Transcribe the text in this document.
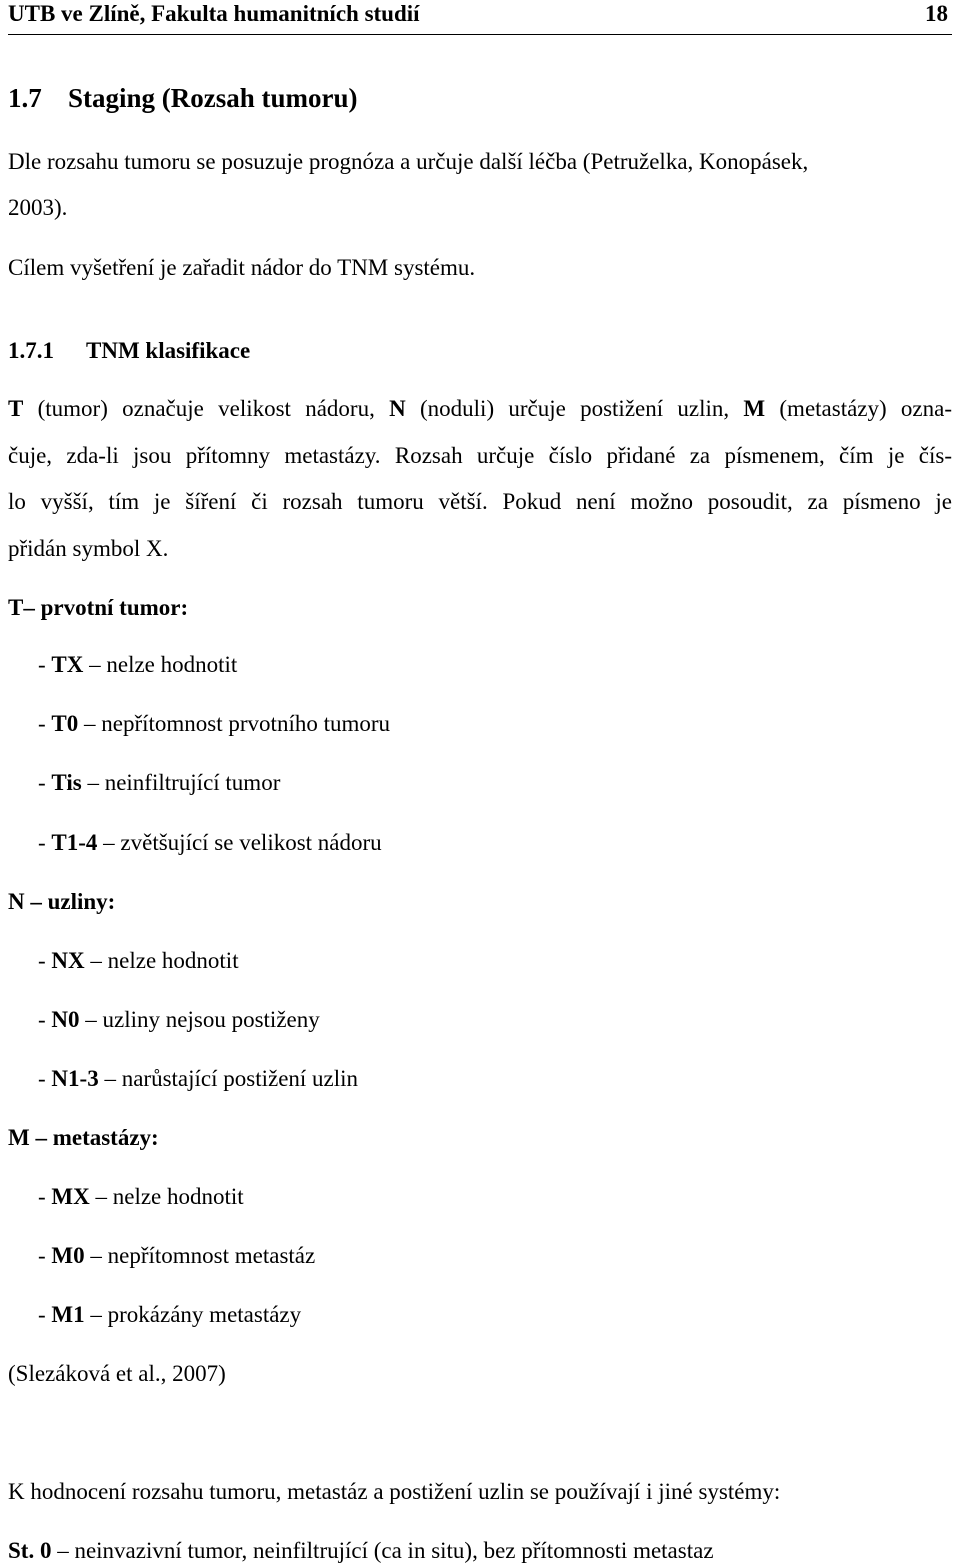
UTB ve Zlíně, Fakulta humanitních studií	18
1.7 Staging (Rozsah tumoru)
Dle rozsahu tumoru se posuzuje prognóza a určuje další léčba (Petruželka, Konopásek,
2003).
Cílem vyšetření je zařadit nádor do TNM systému.
1.7.1 TNM klasifikace
T (tumor) označuje velikost nádoru, N (noduli) určuje postižení uzlin, M (metastázy) ozna-
čuje, zda-li jsou přítomny metastázy. Rozsah určuje číslo přidané za písmenem, čím je čís-
lo vyšší, tím je šíření či rozsah tumoru větší. Pokud není možno posoudit, za písmeno je
přidán symbol X.
T– prvotní tumor:
- TX – nelze hodnotit
- T0 – nepřítomnost prvotního tumoru
- Tis – neinfiltrující tumor
- T1-4 – zvětšující se velikost nádoru
N – uzliny:
- NX – nelze hodnotit
- N0 – uzliny nejsou postiženy
- N1-3 – narůstající postižení uzlin
M – metastázy:
- MX – nelze hodnotit
- M0 – nepřítomnost metastáz
- M1 – prokázány metastázy
(Slezáková et al., 2007)
K hodnocení rozsahu tumoru, metastáz a postižení uzlin se používají i jiné systémy:
St. 0 – neinvazivní tumor, neinfiltrující (ca in situ), bez přítomnosti metastaz
